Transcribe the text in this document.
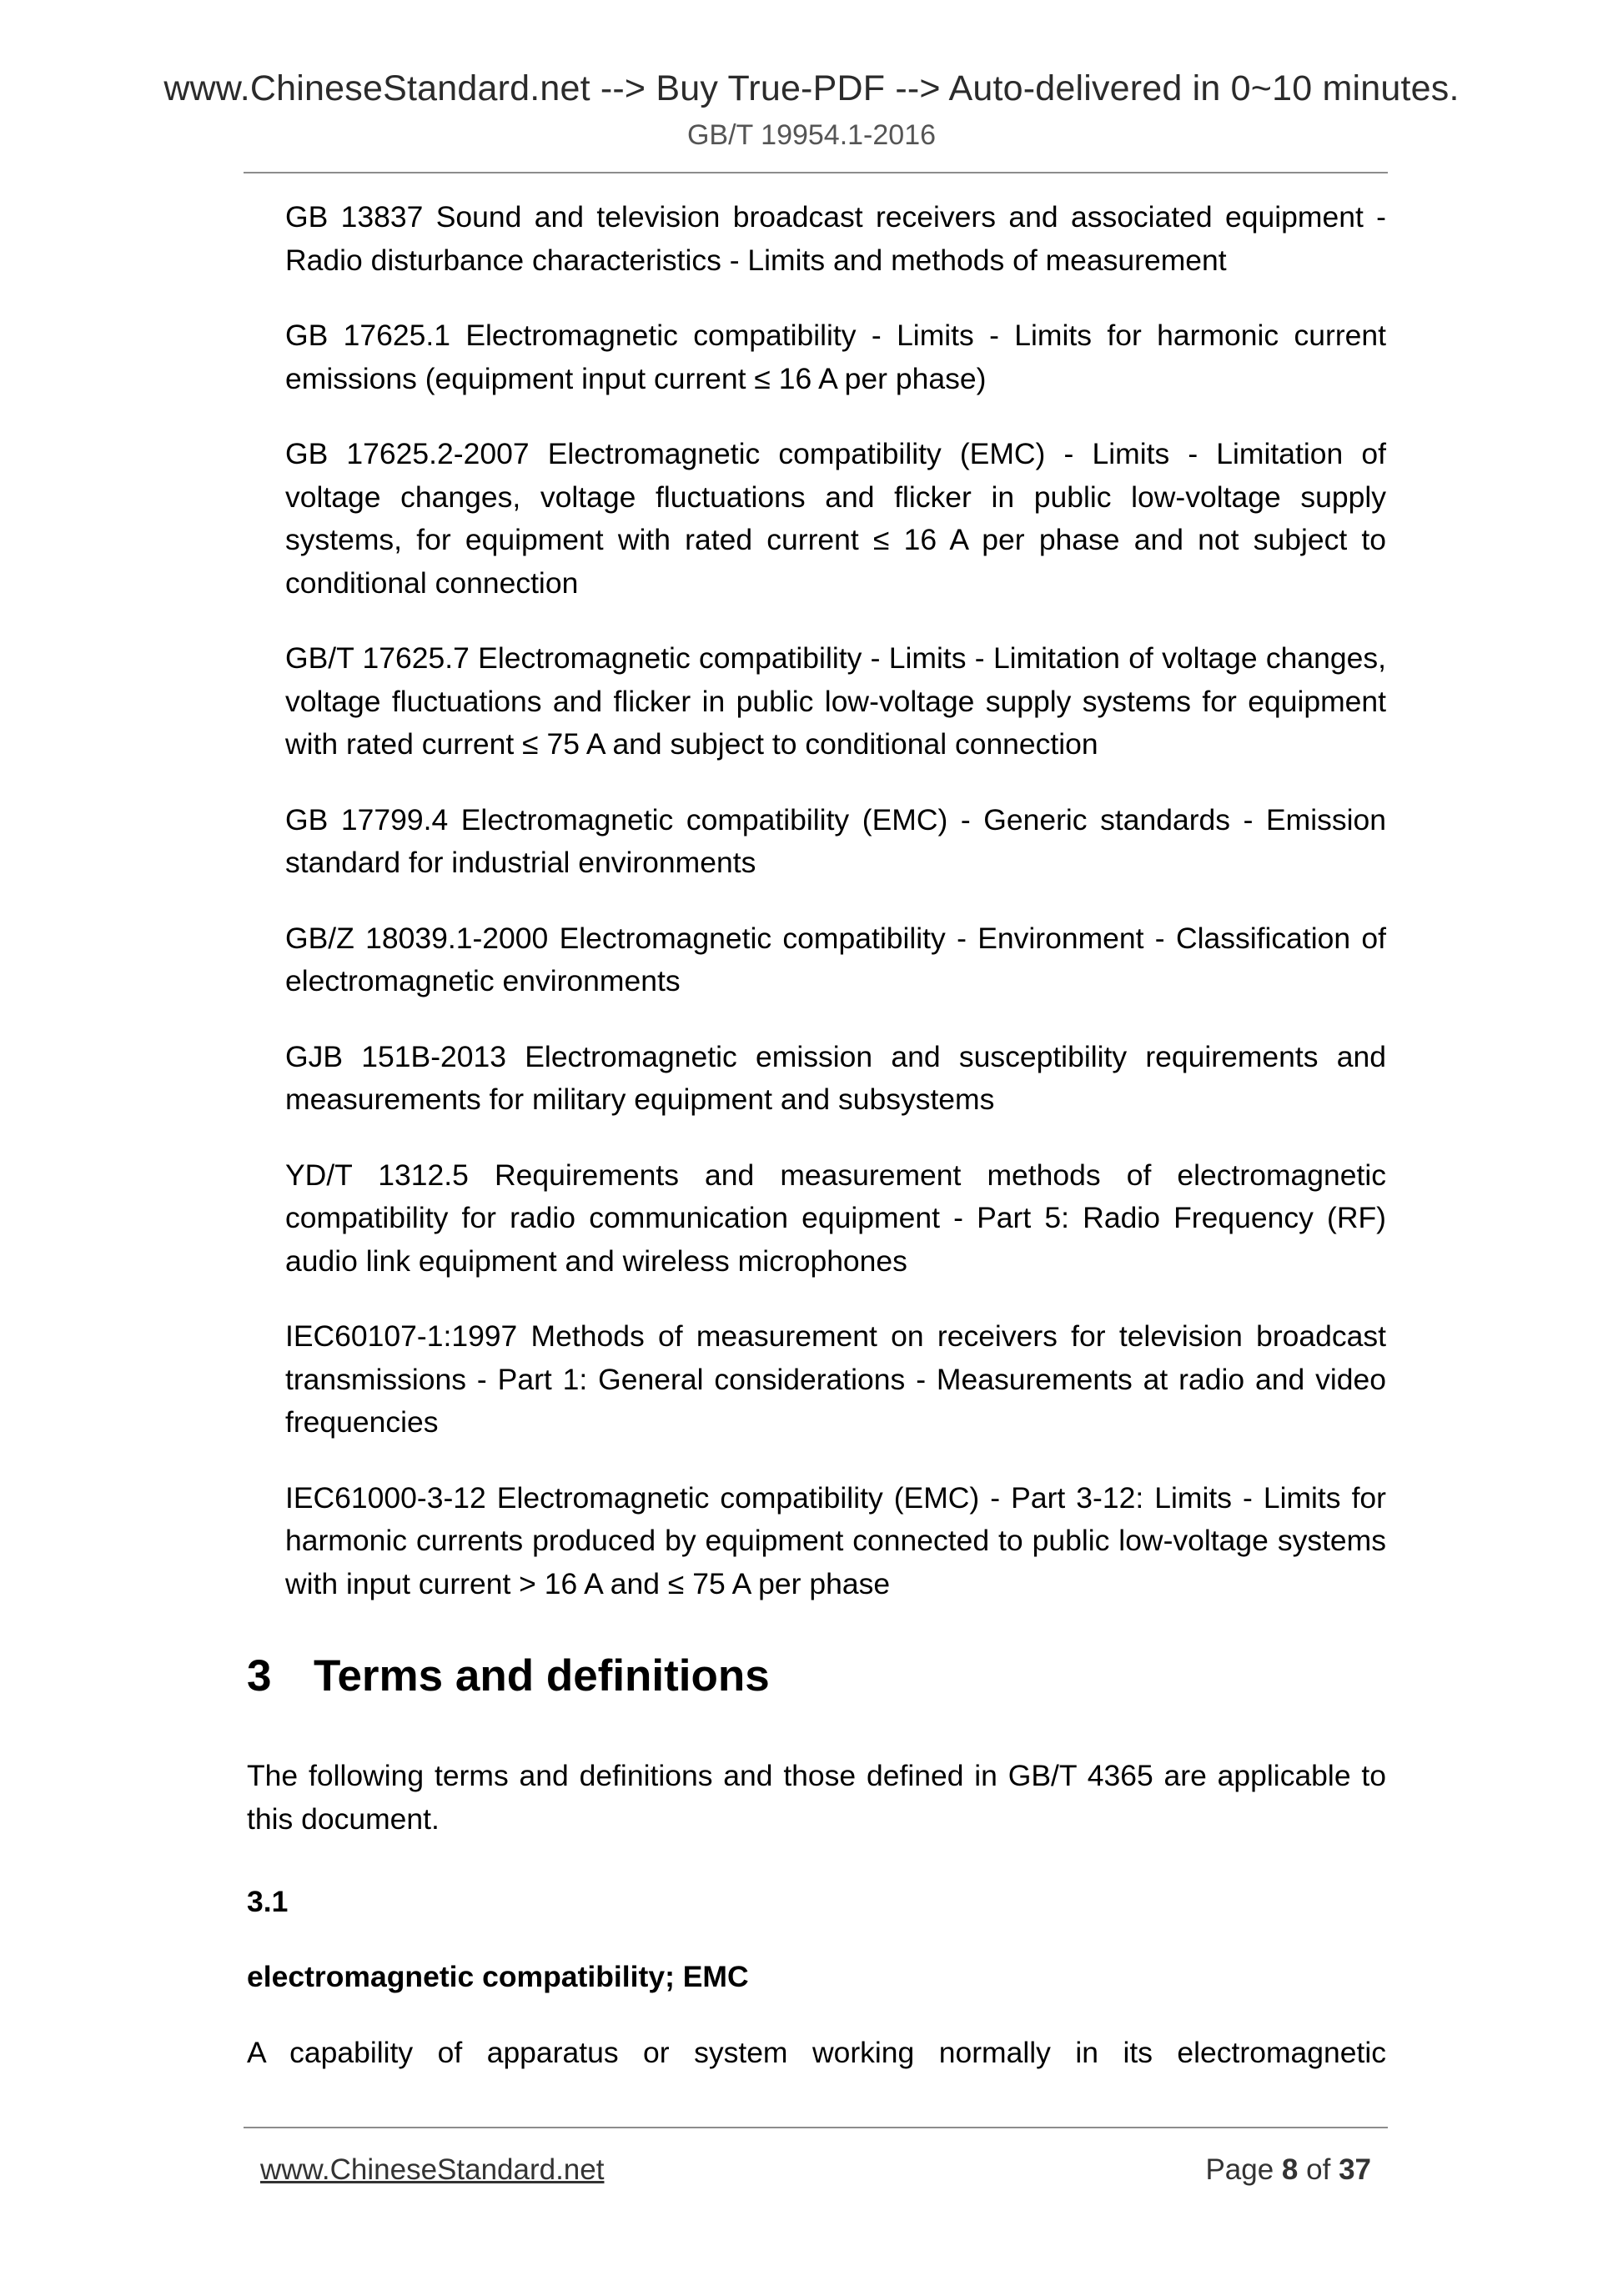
www.ChineseStandard.net --> Buy True-PDF --> Auto-delivered in 0~10 minutes.
GB/T 19954.1-2016

GB 13837 Sound and television broadcast receivers and associated equipment - Radio disturbance characteristics - Limits and methods of measurement

GB 17625.1 Electromagnetic compatibility - Limits - Limits for harmonic current emissions (equipment input current ≤ 16 A per phase)

GB 17625.2-2007 Electromagnetic compatibility (EMC) - Limits - Limitation of voltage changes, voltage fluctuations and flicker in public low-voltage supply systems, for equipment with rated current ≤ 16 A per phase and not subject to conditional connection

GB/T 17625.7 Electromagnetic compatibility - Limits - Limitation of voltage changes, voltage fluctuations and flicker in public low-voltage supply systems for equipment with rated current ≤ 75 A and subject to conditional connection

GB 17799.4 Electromagnetic compatibility (EMC) - Generic standards - Emission standard for industrial environments

GB/Z 18039.1-2000 Electromagnetic compatibility - Environment - Classification of electromagnetic environments

GJB 151B-2013 Electromagnetic emission and susceptibility requirements and measurements for military equipment and subsystems

YD/T 1312.5 Requirements and measurement methods of electromagnetic compatibility for radio communication equipment - Part 5: Radio Frequency (RF) audio link equipment and wireless microphones

IEC60107-1:1997 Methods of measurement on receivers for television broadcast transmissions - Part 1: General considerations - Measurements at radio and video frequencies

IEC61000-3-12 Electromagnetic compatibility (EMC) - Part 3-12: Limits - Limits for harmonic currents produced by equipment connected to public low-voltage systems with input current > 16 A and ≤ 75 A per phase

3 Terms and definitions

The following terms and definitions and those defined in GB/T 4365 are applicable to this document.

3.1
electromagnetic compatibility; EMC
A capability of apparatus or system working normally in its electromagnetic
www.ChineseStandard.net	Page 8 of 37
